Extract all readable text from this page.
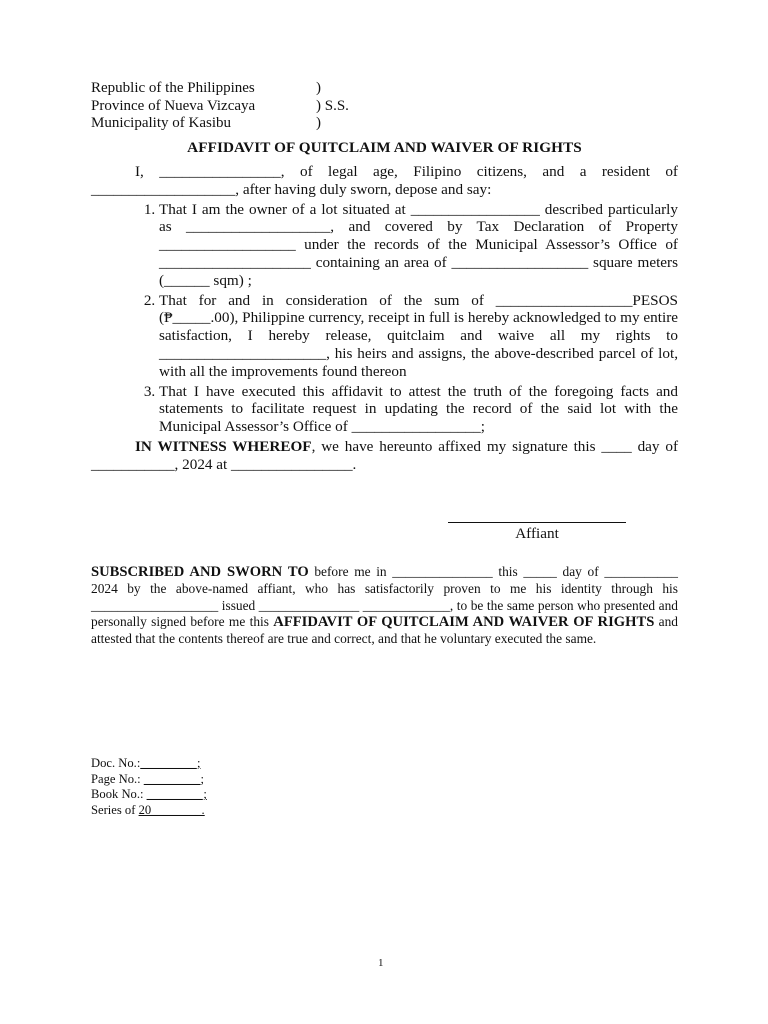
Republic of the Philippines	)
Province of Nueva Vizcaya	) S.S.
Municipality of Kasibu	)
AFFIDAVIT OF QUITCLAIM AND WAIVER OF RIGHTS

I, ________________, of legal age, Filipino citizens, and a resident of ___________________, after having duly sworn, depose and say:

1. That I am the owner of a lot situated at _________________ described particularly as ___________________, and covered by Tax Declaration of Property __________________ under the records of the Municipal Assessor’s Office of ____________________ containing an area of __________________ square meters (______ sqm) ;
2. That for and in consideration of the sum of __________________PESOS (₱_____.00), Philippine currency, receipt in full is hereby acknowledged to my entire satisfaction, I hereby release, quitclaim and waive all my rights to ______________________, his heirs and assigns, the above-described parcel of lot, with all the improvements found thereon
3. That I have executed this affidavit to attest the truth of the foregoing facts and statements to facilitate request in updating the record of the said lot with the Municipal Assessor’s Office of _________________;

IN WITNESS WHEREOF, we have hereunto affixed my signature this ____ day of ___________, 2024 at ________________.

Affiant

SUBSCRIBED AND SWORN TO before me in _______________ this _____ day of ___________ 2024 by the above-named affiant, who has satisfactorily proven to me his identity through his ___________________ issued _______________ _____________, to be the same person who presented and personally signed before me this AFFIDAVIT OF QUITCLAIM AND WAIVER OF RIGHTS and attested that the contents thereof are true and correct, and that he voluntary executed the same.

Doc. No.: _________;
Page No.: _________;
Book No.: _________;
Series of 20________.
1
